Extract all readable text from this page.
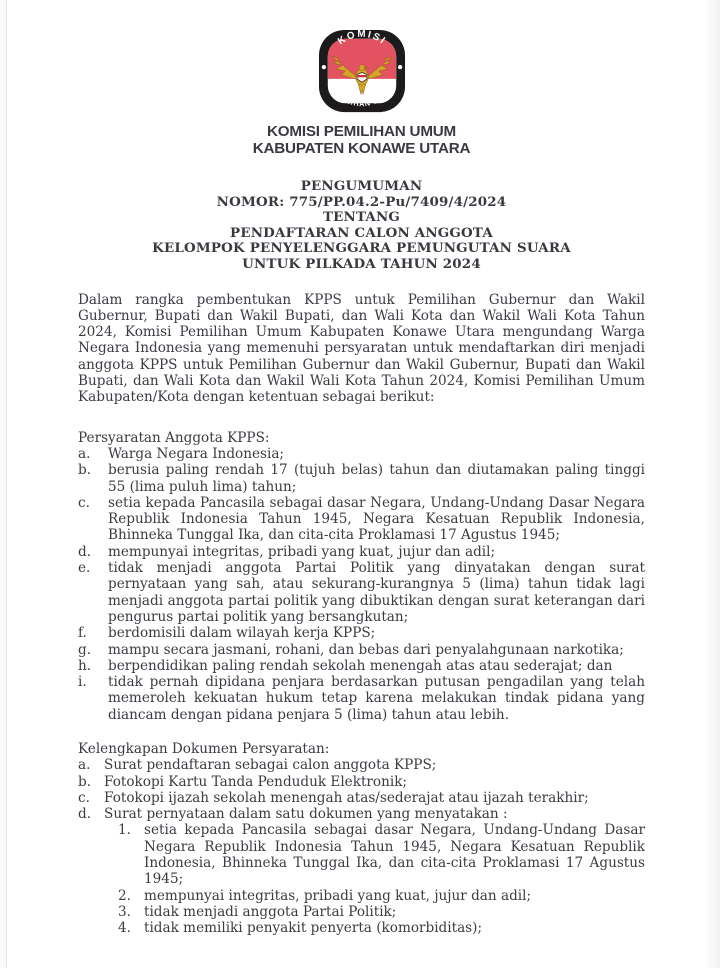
KOMISI
PEMILIHAN UMUM
KOMISI PEMILIHAN UMUM
KABUPATEN KONAWE UTARA
PENGUMUMAN
NOMOR: 775/PP.04.2-Pu/7409/4/2024
TENTANG
PENDAFTARAN CALON ANGGOTA
KELOMPOK PENYELENGGARA PEMUNGUTAN SUARA
UNTUK PILKADA TAHUN 2024

Dalam rangka pembentukan KPPS untuk Pemilihan Gubernur dan Wakil Gubernur, Bupati dan Wakil Bupati, dan Wali Kota dan Wakil Wali Kota Tahun 2024, Komisi Pemilihan Umum Kabupaten Konawe Utara mengundang Warga Negara Indonesia yang memenuhi persyaratan untuk mendaftarkan diri menjadi anggota KPPS untuk Pemilihan Gubernur dan Wakil Gubernur, Bupati dan Wakil Bupati, dan Wali Kota dan Wakil Wali Kota Tahun 2024, Komisi Pemilihan Umum Kabupaten/Kota dengan ketentuan sebagai berikut:

Persyaratan Anggota KPPS:
a.	Warga Negara Indonesia;
b.	berusia paling rendah 17 (tujuh belas) tahun dan diutamakan paling tinggi 55 (lima puluh lima) tahun;
c.	setia kepada Pancasila sebagai dasar Negara, Undang-Undang Dasar Negara Republik Indonesia Tahun 1945, Negara Kesatuan Republik Indonesia, Bhinneka Tunggal Ika, dan cita-cita Proklamasi 17 Agustus 1945;
d.	mempunyai integritas, pribadi yang kuat, jujur dan adil;
e.	tidak menjadi anggota Partai Politik yang dinyatakan dengan surat pernyataan yang sah, atau sekurang-kurangnya 5 (lima) tahun tidak lagi menjadi anggota partai politik yang dibuktikan dengan surat keterangan dari pengurus partai politik yang bersangkutan;
f.	berdomisili dalam wilayah kerja KPPS;
g.	mampu secara jasmani, rohani, dan bebas dari penyalahgunaan narkotika;
h.	berpendidikan paling rendah sekolah menengah atas atau sederajat; dan
i.	tidak pernah dipidana penjara berdasarkan putusan pengadilan yang telah memeroleh kekuatan hukum tetap karena melakukan tindak pidana yang diancam dengan pidana penjara 5 (lima) tahun atau lebih.
Kelengkapan Dokumen Persyaratan:
a. Surat pendaftaran sebagai calon anggota KPPS;
b. Fotokopi Kartu Tanda Penduduk Elektronik;
c.	Fotokopi ijazah sekolah menengah atas/sederajat atau ijazah terakhir;
d. Surat pernyataan dalam satu dokumen yang menyatakan :
1. setia kepada Pancasila sebagai dasar Negara, Undang-Undang Dasar Negara Republik Indonesia Tahun 1945, Negara Kesatuan Republik Indonesia, Bhinneka Tunggal Ika, dan cita-cita Proklamasi 17 Agustus 1945;
2. mempunyai integritas, pribadi yang kuat, jujur dan adil;
3. tidak menjadi anggota Partai Politik;
4. tidak memiliki penyakit penyerta (komorbiditas);
